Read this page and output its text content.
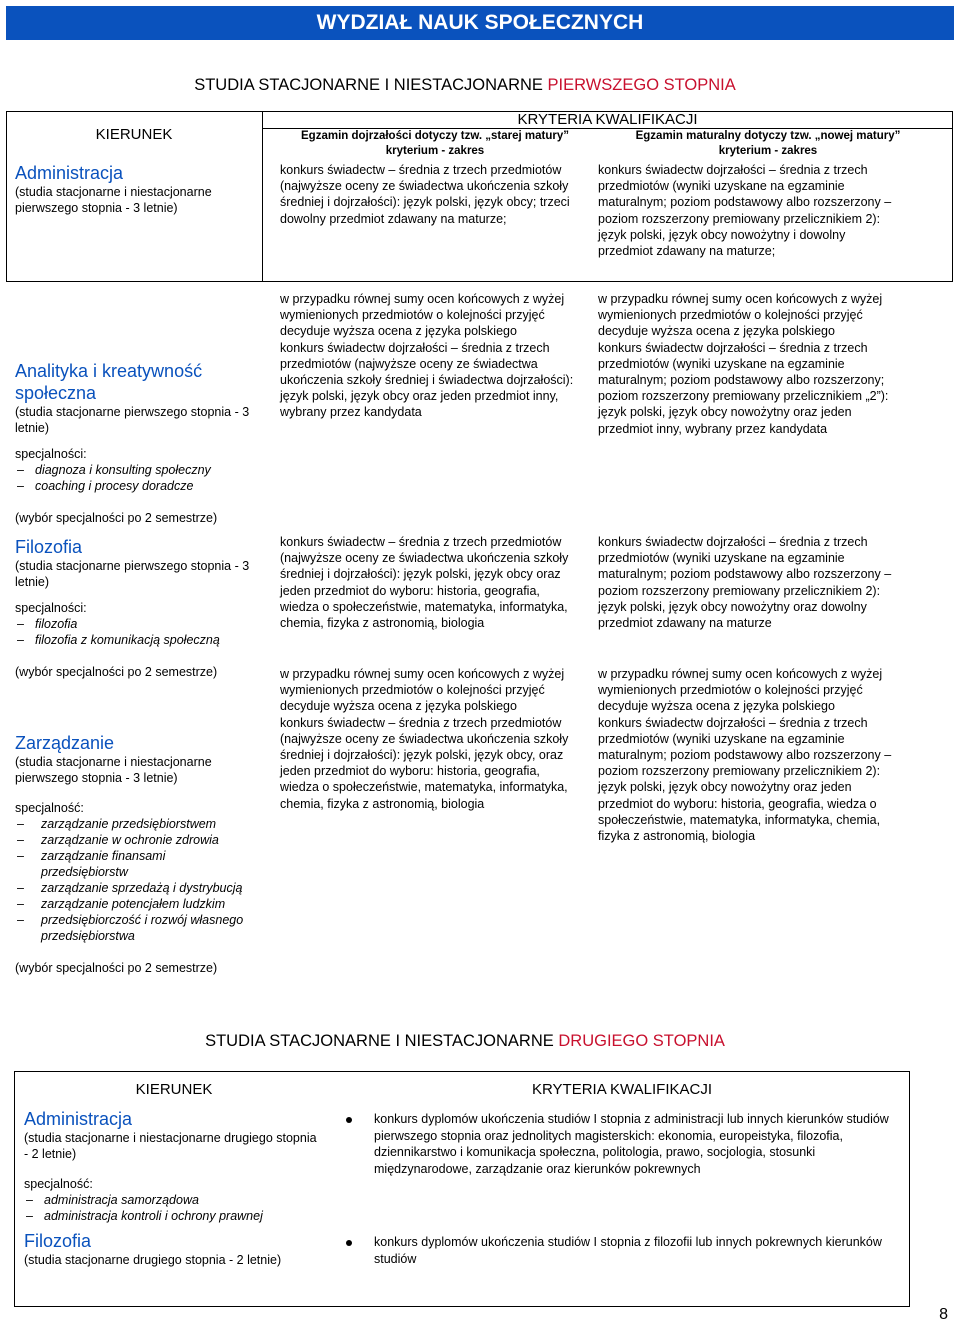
WYDZIAŁ NAUK SPOŁECZNYCH
STUDIA STACJONARNE I NIESTACJONARNE PIERWSZEGO STOPNIA
KIERUNEK
KRYTERIA KWALIFIKACJI
Egzamin dojrzałości dotyczy tzw. „starej matury”
kryterium - zakres
Egzamin maturalny dotyczy tzw. „nowej matury”
kryterium - zakres
Administracja
(studia stacjonarne i niestacjonarne pierwszego stopnia - 3 letnie)
konkurs świadectw – średnia z trzech przedmiotów (najwyższe oceny ze świadectwa ukończenia szkoły średniej i dojrzałości): język polski, język obcy; trzeci dowolny przedmiot zdawany na maturze;
konkurs świadectw dojrzałości – średnia z trzech przedmiotów (wyniki uzyskane na egzaminie maturalnym; poziom podstawowy albo rozszerzony – poziom rozszerzony premiowany przelicznikiem 2): język polski, język obcy nowożytny i dowolny przedmiot zdawany na maturze;
Analityka i kreatywność społeczna
(studia stacjonarne pierwszego stopnia - 3 letnie)
specjalności:
– diagnoza i konsulting społeczny
– coaching i procesy doradcze
(wybór specjalności po 2 semestrze)
w przypadku równej sumy ocen końcowych z wyżej wymienionych przedmiotów o kolejności przyjęć decyduje wyższa ocena z języka polskiego
konkurs świadectw dojrzałości – średnia z trzech przedmiotów (najwyższe oceny ze świadectwa ukończenia szkoły średniej i świadectwa dojrzałości): język polski, język obcy oraz jeden przedmiot inny, wybrany przez kandydata
w przypadku równej sumy ocen końcowych z wyżej wymienionych przedmiotów o kolejności przyjęć decyduje wyższa ocena z języka polskiego
konkurs świadectw dojrzałości – średnia z trzech przedmiotów (wyniki uzyskane na egzaminie maturalnym; poziom podstawowy albo rozszerzony; poziom rozszerzony premiowany przelicznikiem „2”): język polski, język obcy nowożytny oraz jeden przedmiot inny, wybrany przez kandydata
Filozofia
(studia stacjonarne pierwszego stopnia - 3 letnie)
specjalności:
– filozofia
– filozofia z komunikacją społeczną
(wybór specjalności po 2 semestrze)
konkurs świadectw – średnia z trzech przedmiotów (najwyższe oceny ze świadectwa ukończenia szkoły średniej i dojrzałości): język polski, język obcy oraz jeden przedmiot do wyboru: historia, geografia, wiedza o społeczeństwie, matematyka, informatyka, chemia, fizyka z astronomią, biologia
konkurs świadectw dojrzałości – średnia z trzech przedmiotów (wyniki uzyskane na egzaminie maturalnym; poziom podstawowy albo rozszerzony – poziom rozszerzony premiowany przelicznikiem 2): język polski, język obcy nowożytny oraz dowolny przedmiot zdawany na maturze
Zarządzanie
(studia stacjonarne i niestacjonarne
pierwszego stopnia - 3 letnie)
specjalność:
– zarządzanie przedsiębiorstwem
– zarządzanie w ochronie zdrowia
– zarządzanie finansami przedsiębiorstw
– zarządzanie sprzedażą i dystrybucją
– zarządzanie potencjałem ludzkim
– przedsiębiorczość i rozwój własnego przedsiębiorstwa
(wybór specjalności po 2 semestrze)
w przypadku równej sumy ocen końcowych z wyżej wymienionych przedmiotów o kolejności przyjęć decyduje wyższa ocena z języka polskiego
konkurs świadectw – średnia z trzech przedmiotów (najwyższe oceny ze świadectwa ukończenia szkoły średniej i dojrzałości): język polski, język obcy, oraz jeden przedmiot do wyboru: historia, geografia, wiedza o społeczeństwie, matematyka, informatyka, chemia, fizyka z astronomią, biologia
w przypadku równej sumy ocen końcowych z wyżej wymienionych przedmiotów o kolejności przyjęć decyduje wyższa ocena z języka polskiego
konkurs świadectw dojrzałości – średnia z trzech przedmiotów (wyniki uzyskane na egzaminie maturalnym; poziom podstawowy albo rozszerzony – poziom rozszerzony premiowany przelicznikiem 2): język polski, język obcy nowożytny oraz jeden przedmiot do wyboru: historia, geografia, wiedza o społeczeństwie, matematyka, informatyka, chemia, fizyka z astronomią, biologia
STUDIA STACJONARNE I NIESTACJONARNE DRUGIEGO STOPNIA
KIERUNEK	KRYTERIA KWALIFIKACJI
Administracja
(studia stacjonarne i niestacjonarne drugiego stopnia - 2 letnie)
specjalność:
– administracja samorządowa
– administracja kontroli i ochrony prawnej
konkurs dyplomów ukończenia studiów I stopnia z administracji lub innych kierunków studiów pierwszego stopnia oraz jednolitych magisterskich: ekonomia, europeistyka, filozofia, dziennikarstwo i komunikacja społeczna, politologia, prawo, socjologia, stosunki międzynarodowe, zarządzanie oraz kierunków pokrewnych
Filozofia
(studia stacjonarne drugiego stopnia - 2 letnie)
konkurs dyplomów ukończenia studiów I stopnia z filozofii lub innych pokrewnych kierunków studiów
8
